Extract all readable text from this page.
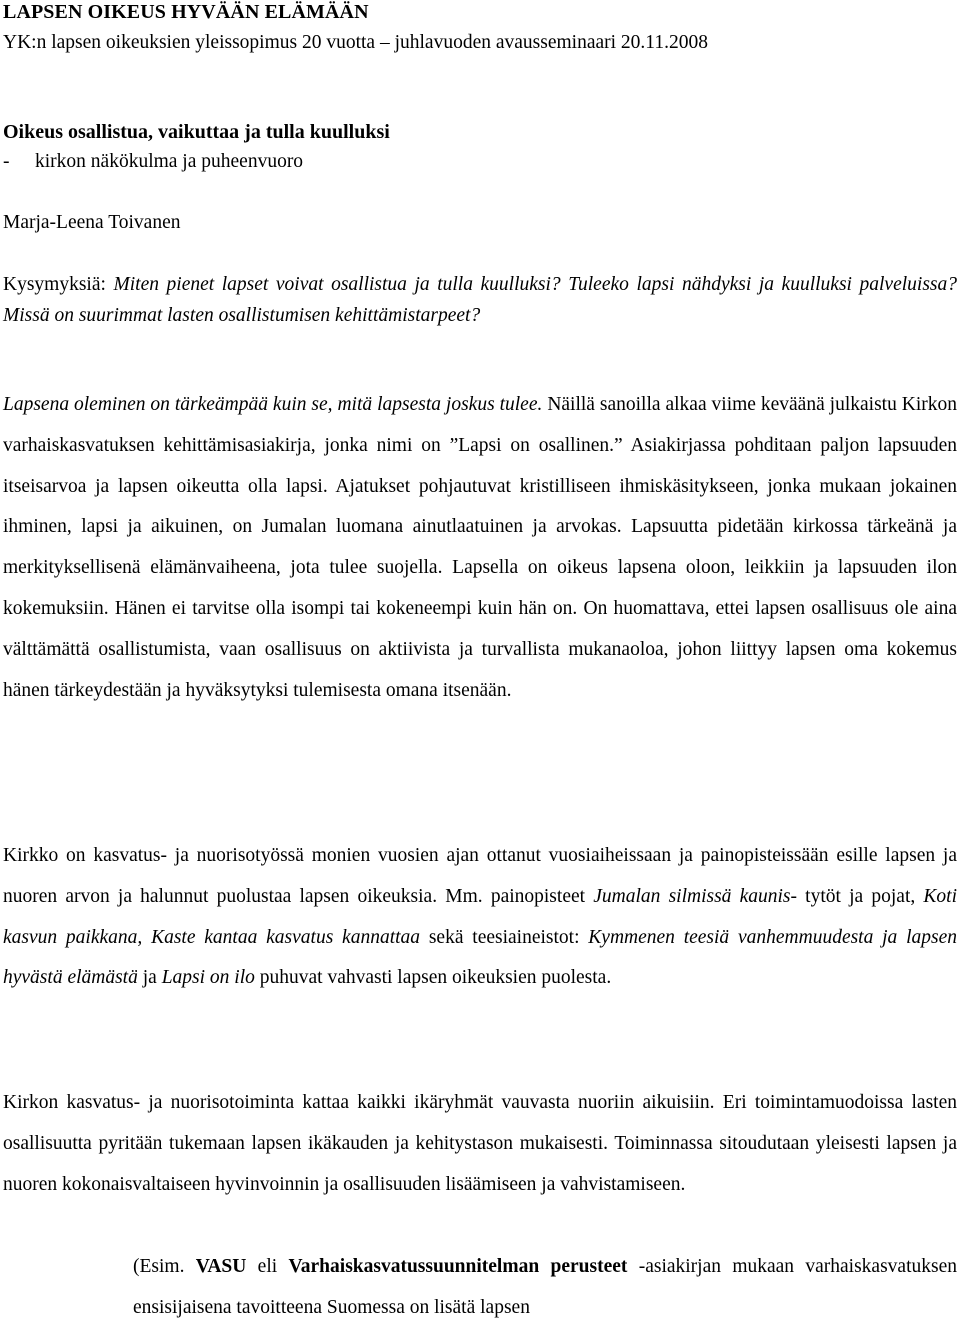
LAPSEN OIKEUS HYVÄÄN ELÄMÄÄN
YK:n lapsen oikeuksien yleissopimus 20 vuotta – juhlavuoden avausseminaari 20.11.2008
Oikeus osallistua, vaikuttaa ja tulla kuulluksi
- kirkon näkökulma ja puheenvuoro
Marja-Leena Toivanen
Kysymyksiä: Miten pienet lapset voivat osallistua ja tulla kuulluksi? Tuleeko lapsi nähdyksi ja kuulluksi palveluissa? Missä on suurimmat lasten osallistumisen kehittämistarpeet?
Lapsena oleminen on tärkeämpää kuin se, mitä lapsesta joskus tulee. Näillä sanoilla alkaa viime keväänä julkaistu Kirkon varhaiskasvatuksen kehittämisasiakirja, jonka nimi on ”Lapsi on osallinen.” Asiakirjassa pohditaan paljon lapsuuden itseisarvoa ja lapsen oikeutta olla lapsi. Ajatukset pohjautuvat kristilliseen ihmiskäsitykseen, jonka mukaan jokainen ihminen, lapsi ja aikuinen, on Jumalan luomana ainutlaatuinen ja arvokas. Lapsuutta pidetään kirkossa tärkeänä ja merkityksellisenä elämänvaiheena, jota tulee suojella. Lapsella on oikeus lapsena oloon, leikkiin ja lapsuuden ilon kokemuksiin. Hänen ei tarvitse olla isompi tai kokeneempi kuin hän on. On huomattava, ettei lapsen osallisuus ole aina välttämättä osallistumista, vaan osallisuus on aktiivista ja turvallista mukanaoloa, johon liittyy lapsen oma kokemus hänen tärkeydestään ja hyväksytyksi tulemisesta omana itsenään.
Kirkko on kasvatus- ja nuorisotyössä monien vuosien ajan ottanut vuosiaiheissaan ja painopisteissään esille lapsen ja nuoren arvon ja halunnut puolustaa lapsen oikeuksia. Mm. painopisteet Jumalan silmissä kaunis- tytöt ja pojat, Koti kasvun paikkana, Kaste kantaa kasvatus kannattaa sekä teesiaineistot: Kymmenen teesiä vanhemmuudesta ja lapsen hyvästä elämästä ja Lapsi on ilo puhuvat vahvasti lapsen oikeuksien puolesta.
Kirkon kasvatus- ja nuorisotoiminta kattaa kaikki ikäryhmät vauvasta nuoriin aikuisiin. Eri toimintamuodoissa lasten osallisuutta pyritään tukemaan lapsen ikäkauden ja kehitystason mukaisesti. Toiminnassa sitoudutaan yleisesti lapsen ja nuoren kokonaisvaltaiseen hyvinvoinnin ja osallisuuden lisäämiseen ja vahvistamiseen.
(Esim. VASU eli Varhaiskasvatussuunnitelman perusteet -asiakirjan mukaan varhaiskasvatuksen ensisijaisena tavoitteena Suomessa on lisätä lapsen
